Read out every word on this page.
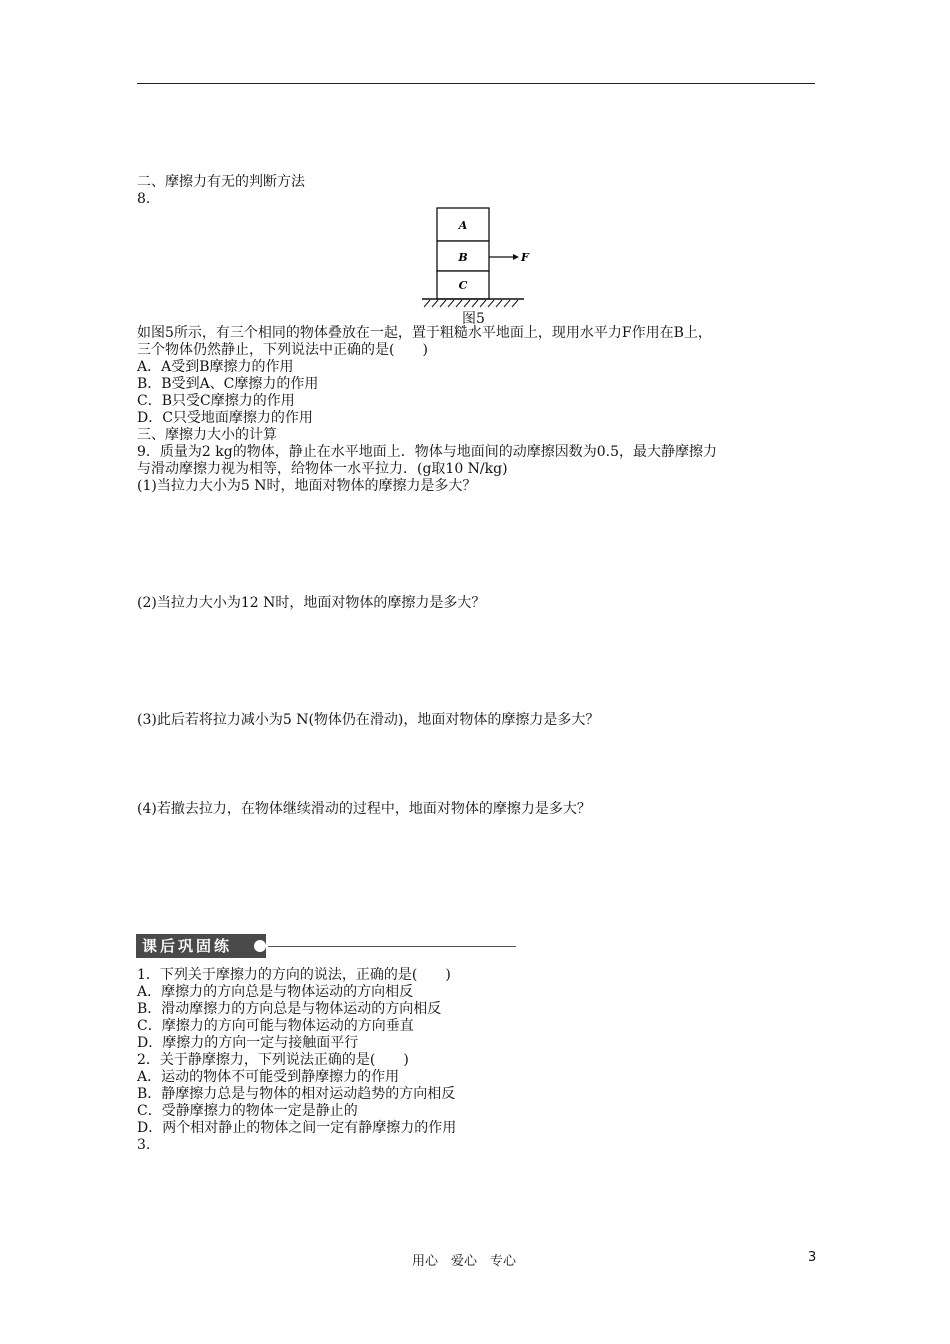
二、摩擦力有无的判断方法
8.
A
B
C
F
图5
如图5所示，有三个相同的物体叠放在一起，置于粗糙水平地面上，现用水平力F作用在B上，
三个物体仍然静止，下列说法中正确的是(　　)
A．A受到B摩擦力的作用
B．B受到A、C摩擦力的作用
C．B只受C摩擦力的作用
D．C只受地面摩擦力的作用
三、摩擦力大小的计算
9．质量为2 kg的物体，静止在水平地面上．物体与地面间的动摩擦因数为0.5，最大静摩擦力
与滑动摩擦力视为相等，给物体一水平拉力．(g取10 N/kg)
(1)当拉力大小为5 N时，地面对物体的摩擦力是多大？
(2)当拉力大小为12 N时，地面对物体的摩擦力是多大？
(3)此后若将拉力减小为5 N(物体仍在滑动)，地面对物体的摩擦力是多大？
(4)若撤去拉力，在物体继续滑动的过程中，地面对物体的摩擦力是多大？
课后巩固练
1．下列关于摩擦力的方向的说法，正确的是(　　)
A．摩擦力的方向总是与物体运动的方向相反
B．滑动摩擦力的方向总是与物体运动的方向相反
C．摩擦力的方向可能与物体运动的方向垂直
D．摩擦力的方向一定与接触面平行
2．关于静摩擦力，下列说法正确的是(　　)
A．运动的物体不可能受到静摩擦力的作用
B．静摩擦力总是与物体的相对运动趋势的方向相反
C．受静摩擦力的物体一定是静止的
D．两个相对静止的物体之间一定有静摩擦力的作用
3.
用心　爱心　专心	3
